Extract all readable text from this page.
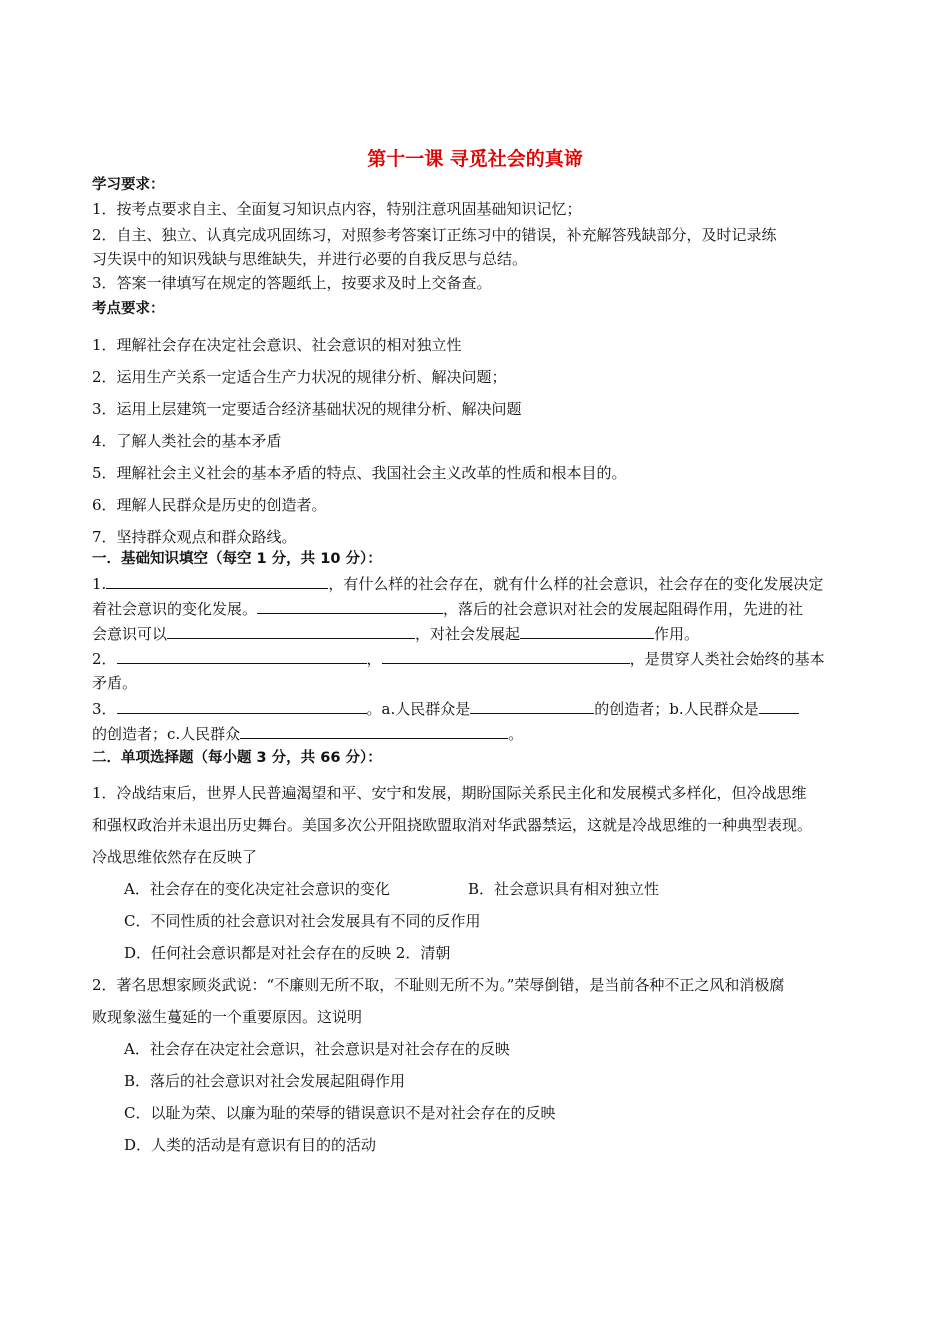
第十一课 寻觅社会的真谛
学习要求：
1．按考点要求自主、全面复习知识点内容，特别注意巩固基础知识记忆；
2．自主、独立、认真完成巩固练习，对照参考答案订正练习中的错误，补充解答残缺部分，及时记录练
习失误中的知识残缺与思维缺失，并进行必要的自我反思与总结。
3．答案一律填写在规定的答题纸上，按要求及时上交备查。
考点要求：
1．理解社会存在决定社会意识、社会意识的相对独立性
2．运用生产关系一定适合生产力状况的规律分析、解决问题；
3．运用上层建筑一定要适合经济基础状况的规律分析、解决问题
4．了解人类社会的基本矛盾
5．理解社会主义社会的基本矛盾的特点、我国社会主义改革的性质和根本目的。
6．理解人民群众是历史的创造者。
7．坚持群众观点和群众路线。
一．基础知识填空（每空 1 分，共 10 分）：
1.	，有什么样的社会存在，就有什么样的社会意识，社会存在的变化发展决定
着社会意识的变化发展。	，落后的社会意识对社会的发展起阻碍作用，先进的社
会意识可以	，对社会发展起	作用。
2．	，	，是贯穿人类社会始终的基本
矛盾。
3．	。a.人民群众是	的创造者；b.人民群众是
的创造者；c.人民群众	。
二．单项选择题（每小题 3 分，共 66 分）：
1．冷战结束后，世界人民普遍渴望和平、安宁和发展，期盼国际关系民主化和发展模式多样化，但冷战思维
和强权政治并未退出历史舞台。美国多次公开阻挠欧盟取消对华武器禁运，这就是冷战思维的一种典型表现。
冷战思维依然存在反映了
A．社会存在的变化决定社会意识的变化	B．社会意识具有相对独立性
C．不同性质的社会意识对社会发展具有不同的反作用
D．任何社会意识都是对社会存在的反映 2．清朝
2．著名思想家顾炎武说：“不廉则无所不取，不耻则无所不为。”荣辱倒错，是当前各种不正之风和消极腐
败现象滋生蔓延的一个重要原因。这说明
A．社会存在决定社会意识，社会意识是对社会存在的反映
B．落后的社会意识对社会发展起阻碍作用
C．以耻为荣、以廉为耻的荣辱的错误意识不是对社会存在的反映
D．人类的活动是有意识有目的的活动
